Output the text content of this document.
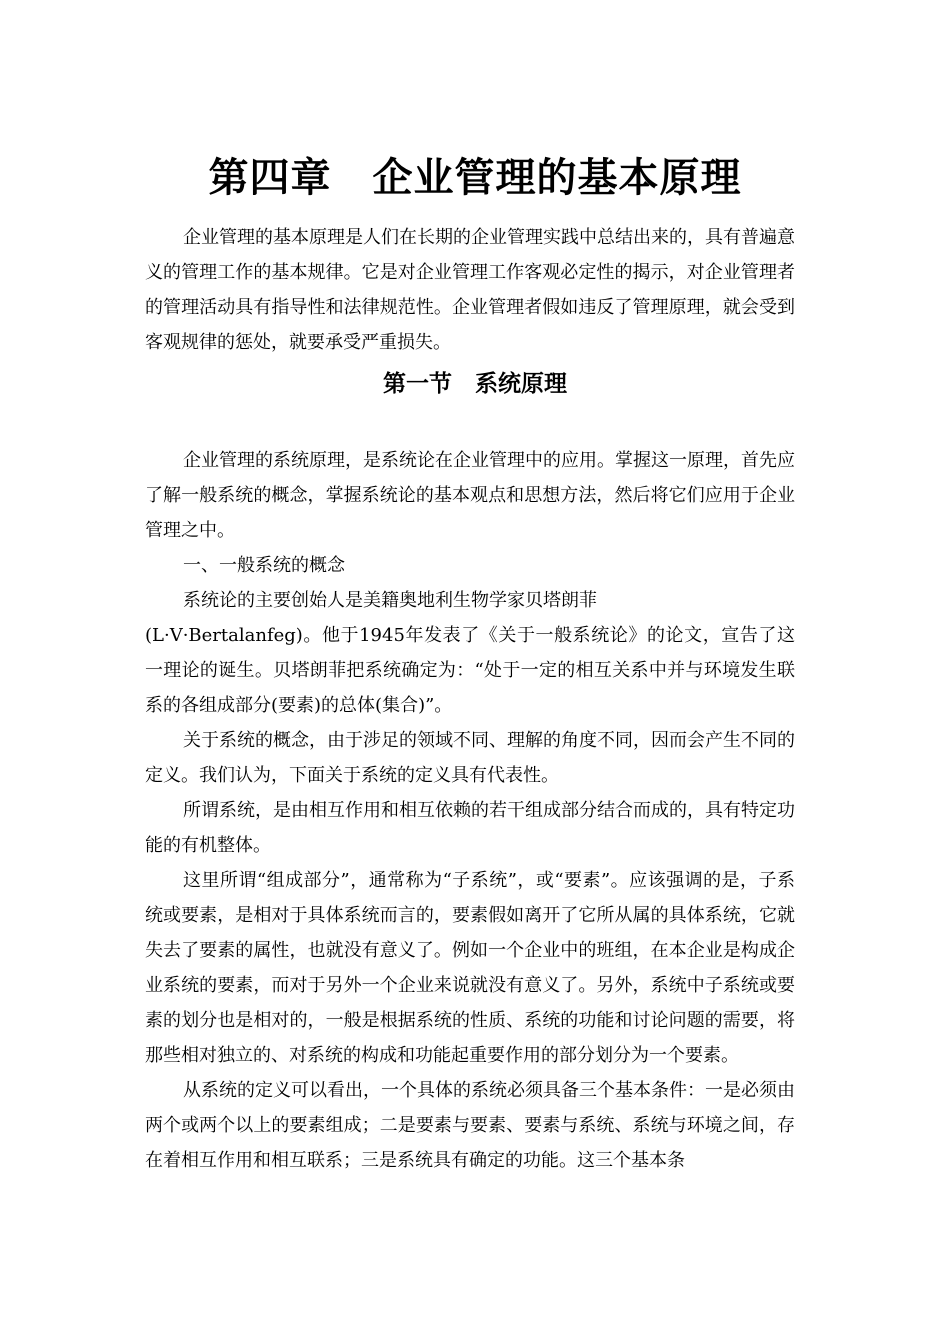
第四章　企业管理的基本原理

企业管理的基本原理是人们在长期的企业管理实践中总结出来的，具有普遍意义的管理工作的基本规律。它是对企业管理工作客观必定性的揭示，对企业管理者的管理活动具有指导性和法律规范性。企业管理者假如违反了管理原理，就会受到客观规律的惩处，就要承受严重损失。

第一节　系统原理

企业管理的系统原理，是系统论在企业管理中的应用。掌握这一原理，首先应了解一般系统的概念，掌握系统论的基本观点和思想方法，然后将它们应用于企业管理之中。

一、一般系统的概念

系统论的主要创始人是美籍奥地利生物学家贝塔朗菲

(L·V·Bertalanfeg)。他于1945年发表了《关于一般系统论》的论文，宣告了这一理论的诞生。贝塔朗菲把系统确定为：“处于一定的相互关系中并与环境发生联系的各组成部分(要素)的总体(集合)”。

关于系统的概念，由于涉足的领域不同、理解的角度不同，因而会产生不同的定义。我们认为，下面关于系统的定义具有代表性。

所谓系统，是由相互作用和相互依赖的若干组成部分结合而成的，具有特定功能的有机整体。

这里所谓“组成部分”，通常称为“子系统”，或“要素”。应该强调的是，子系统或要素，是相对于具体系统而言的，要素假如离开了它所从属的具体系统，它就失去了要素的属性，也就没有意义了。例如一个企业中的班组，在本企业是构成企业系统的要素，而对于另外一个企业来说就没有意义了。另外，系统中子系统或要素的划分也是相对的，一般是根据系统的性质、系统的功能和讨论问题的需要，将那些相对独立的、对系统的构成和功能起重要作用的部分划分为一个要素。

从系统的定义可以看出，一个具体的系统必须具备三个基本条件：一是必须由两个或两个以上的要素组成；二是要素与要素、要素与系统、系统与环境之间，存在着相互作用和相互联系；三是系统具有确定的功能。这三个基本条
